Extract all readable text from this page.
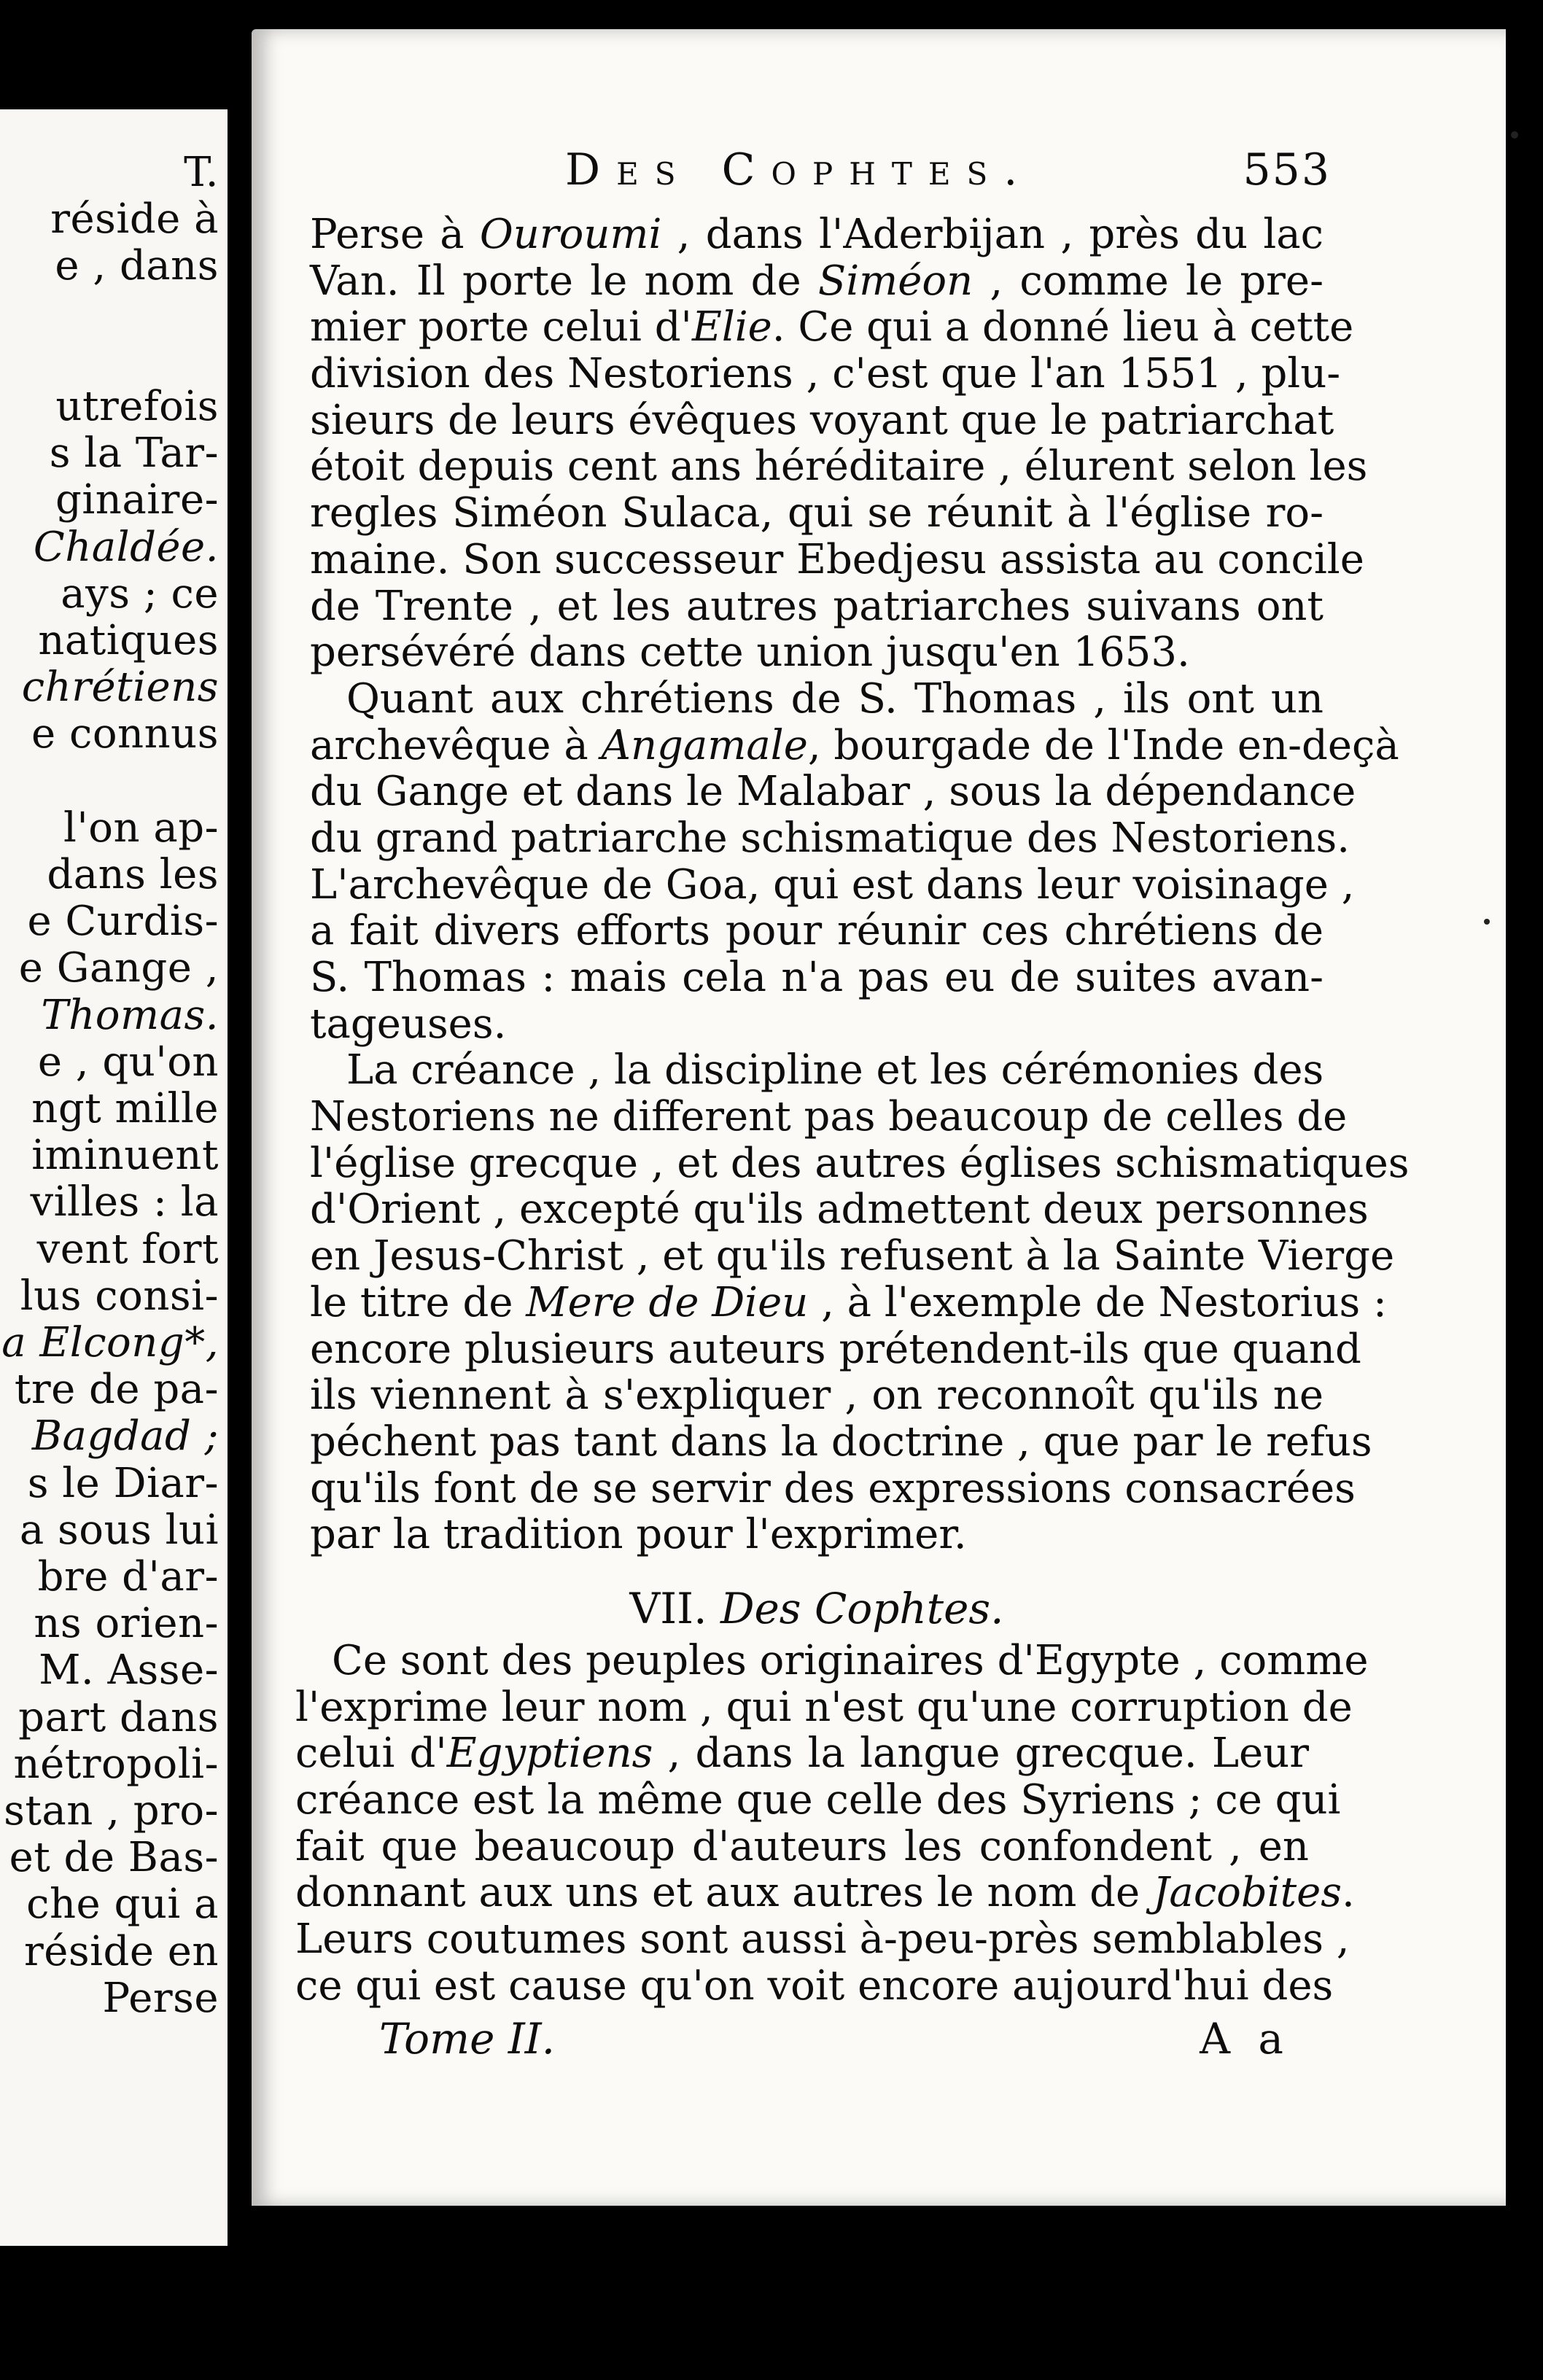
T.
réside à
e , dans
utrefois
s la Tar-
ginaire-
Chaldée.
ays ; ce
natiques
chrétiens
e connus
l'on ap-
dans les
e Curdis-
e Gange ,
Thomas.
e , qu'on
ngt mille
iminuent
villes : la
vent fort
lus consi-
a Elcong*,
tre de pa-
Bagdad ;
s le Diar-
a sous lui
bre d'ar-
ns orien-
M. Asse-
part dans
nétropoli-
stan , pro-
et de Bas-
che qui a
réside en
Perse
Des Cophtes.	553
Perse à Ouroumi , dans l'Aderbijan , près du lac
Van. Il porte le nom de Siméon , comme le pre-
mier porte celui d'Elie. Ce qui a donné lieu à cette
division des Nestoriens , c'est que l'an 1551 , plu-
sieurs de leurs évêques voyant que le patriarchat
étoit depuis cent ans héréditaire , élurent selon les
regles Siméon Sulaca, qui se réunit à l'église ro-
maine. Son successeur Ebedjesu assista au concile
de Trente , et les autres patriarches suivans ont
persévéré dans cette union jusqu'en 1653.
Quant aux chrétiens de S. Thomas , ils ont un
archevêque à Angamale, bourgade de l'Inde en-deçà
du Gange et dans le Malabar , sous la dépendance
du grand patriarche schismatique des Nestoriens.
L'archevêque de Goa, qui est dans leur voisinage ,
a fait divers efforts pour réunir ces chrétiens de
S. Thomas : mais cela n'a pas eu de suites avan-
tageuses.
La créance , la discipline et les cérémonies des
Nestoriens ne different pas beaucoup de celles de
l'église grecque , et des autres églises schismatiques
d'Orient , excepté qu'ils admettent deux personnes
en Jesus-Christ , et qu'ils refusent à la Sainte Vierge
le titre de Mere de Dieu , à l'exemple de Nestorius :
encore plusieurs auteurs prétendent-ils que quand
ils viennent à s'expliquer , on reconnoît qu'ils ne
péchent pas tant dans la doctrine , que par le refus
qu'ils font de se servir des expressions consacrées
par la tradition pour l'exprimer.
VII. Des Cophtes.
Ce sont des peuples originaires d'Egypte , comme
l'exprime leur nom , qui n'est qu'une corruption de
celui d'Egyptiens , dans la langue grecque. Leur
créance est la même que celle des Syriens ; ce qui
fait que beaucoup d'auteurs les confondent , en
donnant aux uns et aux autres le nom de Jacobites.
Leurs coutumes sont aussi à-peu-près semblables ,
ce qui est cause qu'on voit encore aujourd'hui des
Tome II.	A a
